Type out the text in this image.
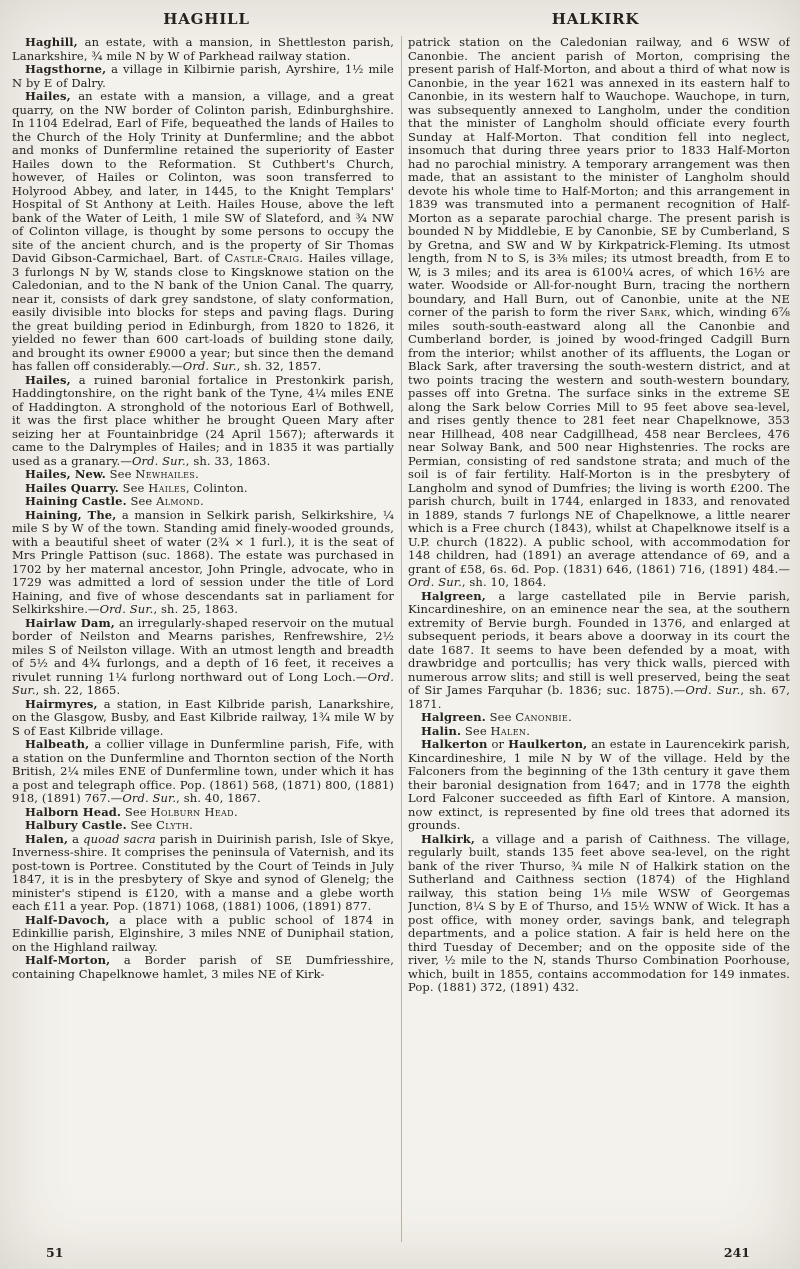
HAGHILL	HALKIRK

Haghill, an estate, with a mansion, in Shettleston parish, Lanarkshire, ¾ mile N by W of Parkhead railway station.

Hagsthorne, a village in Kilbirnie parish, Ayrshire, 1½ mile N by E of Dalry.

Hailes, an estate with a mansion, a village, and a great quarry, on the NW border of Colinton parish, Edinburghshire. In 1104 Edelrad, Earl of Fife, bequeathed the lands of Hailes to the Church of the Holy Trinity at Dunfermline; and the abbot and monks of Dunfermline retained the superiority of Easter Hailes down to the Reformation. St Cuthbert's Church, however, of Hailes or Colinton, was soon transferred to Holyrood Abbey, and later, in 1445, to the Knight Templars' Hospital of St Anthony at Leith. Hailes House, above the left bank of the Water of Leith, 1 mile SW of Slateford, and ¾ NW of Colinton village, is thought by some persons to occupy the site of the ancient church, and is the property of Sir Thomas David Gibson-Carmichael, Bart. of Castle-Craig. Hailes village, 3 furlongs N by W, stands close to Kingsknowe station on the Caledonian, and to the N bank of the Union Canal. The quarry, near it, consists of dark grey sandstone, of slaty conformation, easily divisible into blocks for steps and paving flags. During the great building period in Edinburgh, from 1820 to 1826, it yielded no fewer than 600 cart-loads of building stone daily, and brought its owner £9000 a year; but since then the demand has fallen off considerably.—Ord. Sur., sh. 32, 1857.

Hailes, a ruined baronial fortalice in Prestonkirk parish, Haddingtonshire, on the right bank of the Tyne, 4¼ miles ENE of Haddington. A stronghold of the notorious Earl of Bothwell, it was the first place whither he brought Queen Mary after seizing her at Fountainbridge (24 April 1567); afterwards it came to the Dalrymples of Hailes; and in 1835 it was partially used as a granary.—Ord. Sur., sh. 33, 1863.

Hailes, New. See Newhailes.

Hailes Quarry. See Hailes, Colinton.

Haining Castle. See Almond.

Haining, The, a mansion in Selkirk parish, Selkirkshire, ¼ mile S by W of the town. Standing amid finely-wooded grounds, with a beautiful sheet of water (2¾ × 1 furl.), it is the seat of Mrs Pringle Pattison (suc. 1868). The estate was purchased in 1702 by her maternal ancestor, John Pringle, advocate, who in 1729 was admitted a lord of session under the title of Lord Haining, and five of whose descendants sat in parliament for Selkirkshire.—Ord. Sur., sh. 25, 1863.

Hairlaw Dam, an irregularly-shaped reservoir on the mutual border of Neilston and Mearns parishes, Renfrewshire, 2½ miles S of Neilston village. With an utmost length and breadth of 5½ and 4¾ furlongs, and a depth of 16 feet, it receives a rivulet running 1¼ furlong northward out of Long Loch.—Ord. Sur., sh. 22, 1865.

Hairmyres, a station, in East Kilbride parish, Lanarkshire, on the Glasgow, Busby, and East Kilbride railway, 1¾ mile W by S of East Kilbride village.

Halbeath, a collier village in Dunfermline parish, Fife, with a station on the Dunfermline and Thornton section of the North British, 2¼ miles ENE of Dunfermline town, under which it has a post and telegraph office. Pop. (1861) 568, (1871) 800, (1881) 918, (1891) 767.—Ord. Sur., sh. 40, 1867.

Halborn Head. See Holburn Head.

Halbury Castle. See Clyth.

Halen, a quoad sacra parish in Duirinish parish, Isle of Skye, Inverness-shire. It comprises the peninsula of Vaternish, and its post-town is Portree. Constituted by the Court of Teinds in July 1847, it is in the presbytery of Skye and synod of Glenelg; the minister's stipend is £120, with a manse and a glebe worth each £11 a year. Pop. (1871) 1068, (1881) 1006, (1891) 877.

Half-Davoch, a place with a public school of 1874 in Edinkillie parish, Elginshire, 3 miles NNE of Duniphail station, on the Highland railway.

Half-Morton, a Border parish of SE Dumfriesshire, containing Chapelknowe hamlet, 3 miles NE of Kirk-

patrick station on the Caledonian railway, and 6 WSW of Canonbie. The ancient parish of Morton, comprising the present parish of Half-Morton, and about a third of what now is Canonbie, in the year 1621 was annexed in its eastern half to Canonbie, in its western half to Wauchope. Wauchope, in turn, was subsequently annexed to Langholm, under the condition that the minister of Langholm should officiate every fourth Sunday at Half-Morton. That condition fell into neglect, insomuch that during three years prior to 1833 Half-Morton had no parochial ministry. A temporary arrangement was then made, that an assistant to the minister of Langholm should devote his whole time to Half-Morton; and this arrangement in 1839 was transmuted into a permanent recognition of Half-Morton as a separate parochial charge. The present parish is bounded N by Middlebie, E by Canonbie, SE by Cumberland, S by Gretna, and SW and W by Kirkpatrick-Fleming. Its utmost length, from N to S, is 3⅜ miles; its utmost breadth, from E to W, is 3 miles; and its area is 6100¼ acres, of which 16½ are water. Woodside or All-for-nought Burn, tracing the northern boundary, and Hall Burn, out of Canonbie, unite at the NE corner of the parish to form the river Sark, which, winding 6⅞ miles south-south-eastward along all the Canonbie and Cumberland border, is joined by wood-fringed Cadgill Burn from the interior; whilst another of its affluents, the Logan or Black Sark, after traversing the south-western district, and at two points tracing the western and south-western boundary, passes off into Gretna. The surface sinks in the extreme SE along the Sark below Corries Mill to 95 feet above sea-level, and rises gently thence to 281 feet near Chapelknowe, 353 near Hillhead, 408 near Cadgillhead, 458 near Berclees, 476 near Solway Bank, and 500 near Highstenries. The rocks are Permian, consisting of red sandstone strata; and much of the soil is of fair fertility. Half-Morton is in the presbytery of Langholm and synod of Dumfries; the living is worth £200. The parish church, built in 1744, enlarged in 1833, and renovated in 1889, stands 7 furlongs NE of Chapelknowe, a little nearer which is a Free church (1843), whilst at Chapelknowe itself is a U.P. church (1822). A public school, with accommodation for 148 children, had (1891) an average attendance of 69, and a grant of £58, 6s. 6d. Pop. (1831) 646, (1861) 716, (1891) 484.—Ord. Sur., sh. 10, 1864.

Halgreen, a large castellated pile in Bervie parish, Kincardineshire, on an eminence near the sea, at the southern extremity of Bervie burgh. Founded in 1376, and enlarged at subsequent periods, it bears above a doorway in its court the date 1687. It seems to have been defended by a moat, with drawbridge and portcullis; has very thick walls, pierced with numerous arrow slits; and still is well preserved, being the seat of Sir James Farquhar (b. 1836; suc. 1875).—Ord. Sur., sh. 67, 1871.

Halgreen. See Canonbie.

Halin. See Halen.

Halkerton or Haulkerton, an estate in Laurencekirk parish, Kincardineshire, 1 mile N by W of the village. Held by the Falconers from the beginning of the 13th century it gave them their baronial designation from 1647; and in 1778 the eighth Lord Falconer succeeded as fifth Earl of Kintore. A mansion, now extinct, is represented by fine old trees that adorned its grounds.

Halkirk, a village and a parish of Caithness. The village, regularly built, stands 135 feet above sea-level, on the right bank of the river Thurso, ¾ mile N of Halkirk station on the Sutherland and Caithness section (1874) of the Highland railway, this station being 1⅓ mile WSW of Georgemas Junction, 8¼ S by E of Thurso, and 15½ WNW of Wick. It has a post office, with money order, savings bank, and telegraph departments, and a police station. A fair is held here on the third Tuesday of December; and on the opposite side of the river, ½ mile to the N, stands Thurso Combination Poorhouse, which, built in 1855, contains accommodation for 149 inmates. Pop. (1881) 372, (1891) 432.

51	241
